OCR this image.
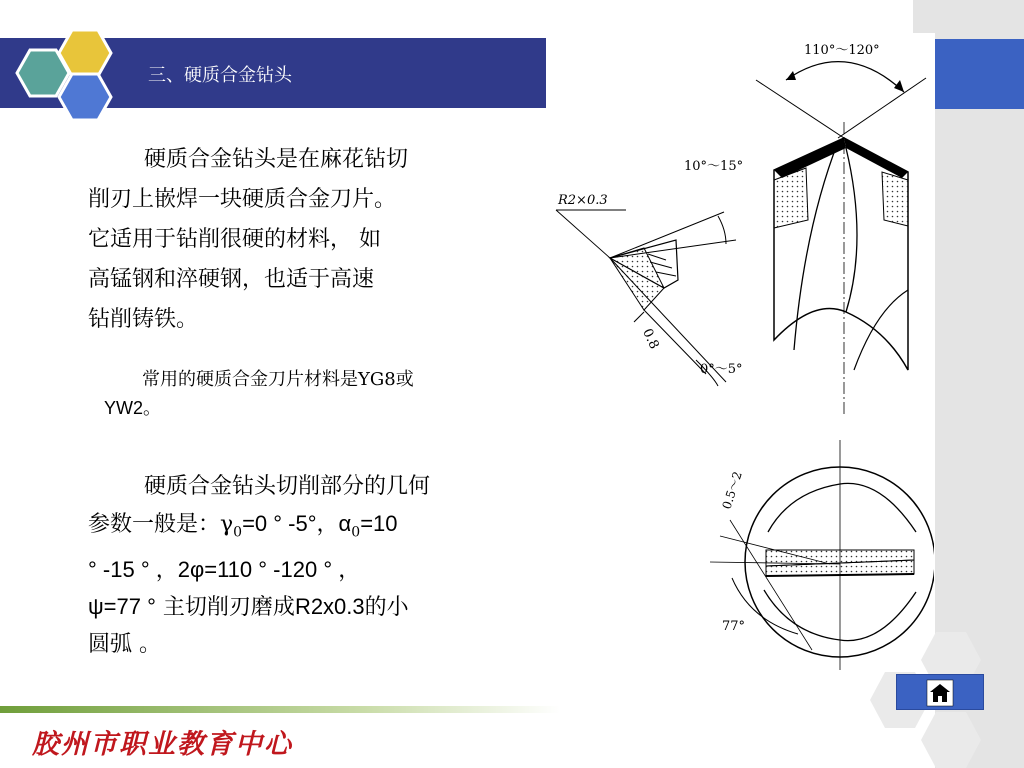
三、硬质合金钻头
硬质合金钻头是在麻花钻切
削刃上嵌焊一块硬质合金刀片。
它适用于钻削很硬的材料， 如
高锰钢和淬硬钢，也适于高速
钻削铸铁。
常用的硬质合金刀片材料是YG8或
YW2。
硬质合金钻头切削部分的几何
参数一般是：$\gamma_0=0$ ° -5°，$\alpha_0=10$
° -15 ° ，2φ=110 ° -120 ° ，
ψ=77 ° 主切削刃磨成R2x0.3的小
圆弧 。
110°～120°
10°～15°
R2×0.3
0.8
0°～5°
0.5～2
77°
胶州市职业教育中心
